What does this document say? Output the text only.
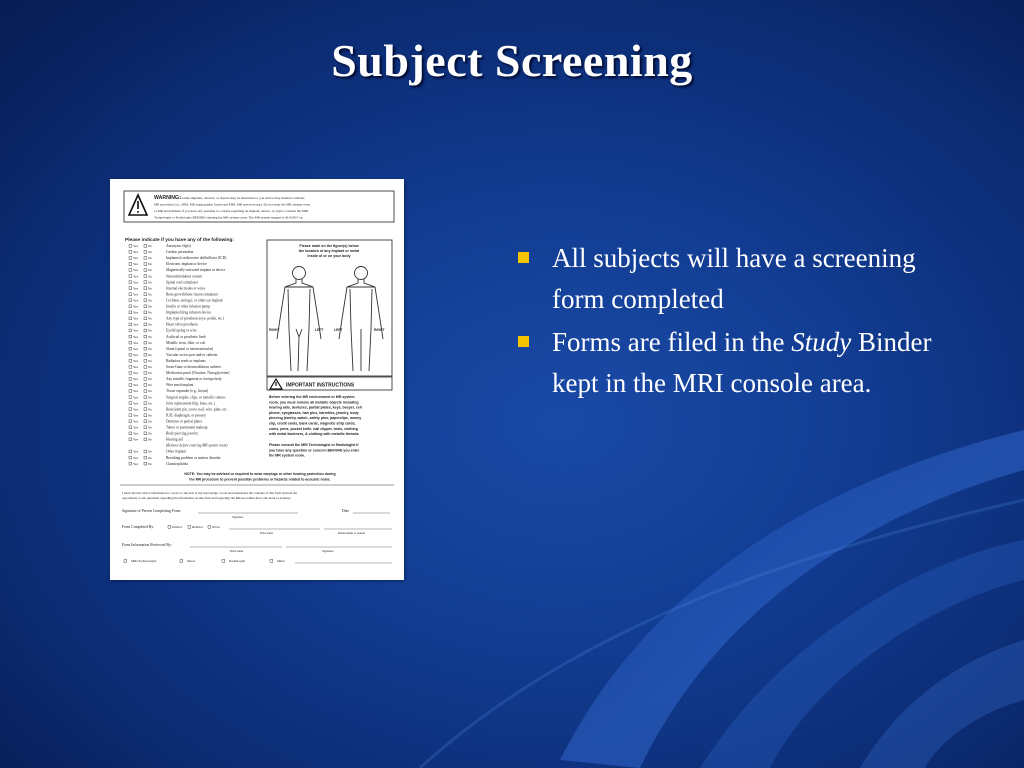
Subject Screening
WARNING: Certain implants, devices, or objects may be hazardous to you and/or may interfere with the
MR procedure (i.e., MRI, MR angiography, functional MRI, MR spectroscopy). Do not enter the MR system room
or MR environment if you have any question or concern regarding an implant, device, or object. Consult the MRI
Technologist or Radiologist BEFORE entering the MR system room. The MR system magnet is ALWAYS on.
Please indicate if you have any of the following:
Yes	No	Aneurysm clip(s)
Yes	No	Cardiac pacemaker
Yes	No	Implanted cardioverter defibrillator (ICD)
Yes	No	Electronic implant or device
Yes	No	Magnetically-activated implant or device
Yes	No	Neurostimulation system
Yes	No	Spinal cord stimulator
Yes	No	Internal electrodes or wires
Yes	No	Bone growth/bone fusion stimulator
Yes	No	Cochlear, otologic, or other ear implant
Yes	No	Insulin or other infusion pump
Yes	No	Implanted drug infusion device
Yes	No	Any type of prosthesis (eye, penile, etc.)
Yes	No	Heart valve prosthesis
Yes	No	Eyelid spring or wire
Yes	No	Artificial or prosthetic limb
Yes	No	Metallic stent, filter, or coil
Yes	No	Shunt (spinal or intraventricular)
Yes	No	Vascular access port and/or catheter
Yes	No	Radiation seeds or implants
Yes	No	Swan-Ganz or thermodilution catheter
Yes	No	Medication patch (Nicotine, Nitroglycerine)
Yes	No	Any metallic fragment or foreign body
Yes	No	Wire mesh implant
Yes	No	Tissue expander (e.g., breast)
Yes	No	Surgical staples, clips, or metallic sutures
Yes	No	Joint replacement (hip, knee, etc.)
Yes	No	Bone/joint pin, screw, nail, wire, plate, etc.
Yes	No	IUD, diaphragm, or pessary
Yes	No	Dentures or partial plates
Yes	No	Tattoo or permanent makeup
Yes	No	Body piercing jewelry
Yes	No	Hearing aid
(Remove before entering MR system room)
Yes	No	Other implant
Yes	No	Breathing problem or motion disorder
Yes	No	Claustrophobia
Please mark on the figure(s) below
the location of any implant or metal
inside of or on your body
RIGHT	LEFT	LEFT	RIGHT
IMPORTANT INSTRUCTIONS
Before entering the MR environment or MR system
room, you must remove all metallic objects including
hearing aids, dentures, partial plates, keys, beeper, cell
phone, eyeglasses, hair pins, barrettes, jewelry, body
piercing jewelry, watch, safety pins, paperclips, money
clip, credit cards, bank cards, magnetic strip cards,
coins, pens, pocket knife, nail clipper, tools, clothing
with metal fasteners, & clothing with metallic threads.
Please consult the MRI Technologist or Radiologist if
you have any question or concern BEFORE you enter
the MR system room.
NOTE: You may be advised or required to wear earplugs or other hearing protection during
the MR procedure to prevent possible problems or hazards related to acoustic noise.
I attest that the above information is correct to the best of my knowledge. I read and understand the contents of this form and had the
opportunity to ask questions regarding the information on this form and regarding the MR procedure that I am about to undergo.
Signature of Person Completing Form:
Signature
Date
Form Completed By:	Patient	Relative	Nurse
Print name	Relationship to patient
Form Information Reviewed By:
Print name	Signature
MRI Technologist	Nurse	Radiologist	Other
All subjects will have a screening form completed
Forms are filed in the Study Binder kept in the MRI console area.
